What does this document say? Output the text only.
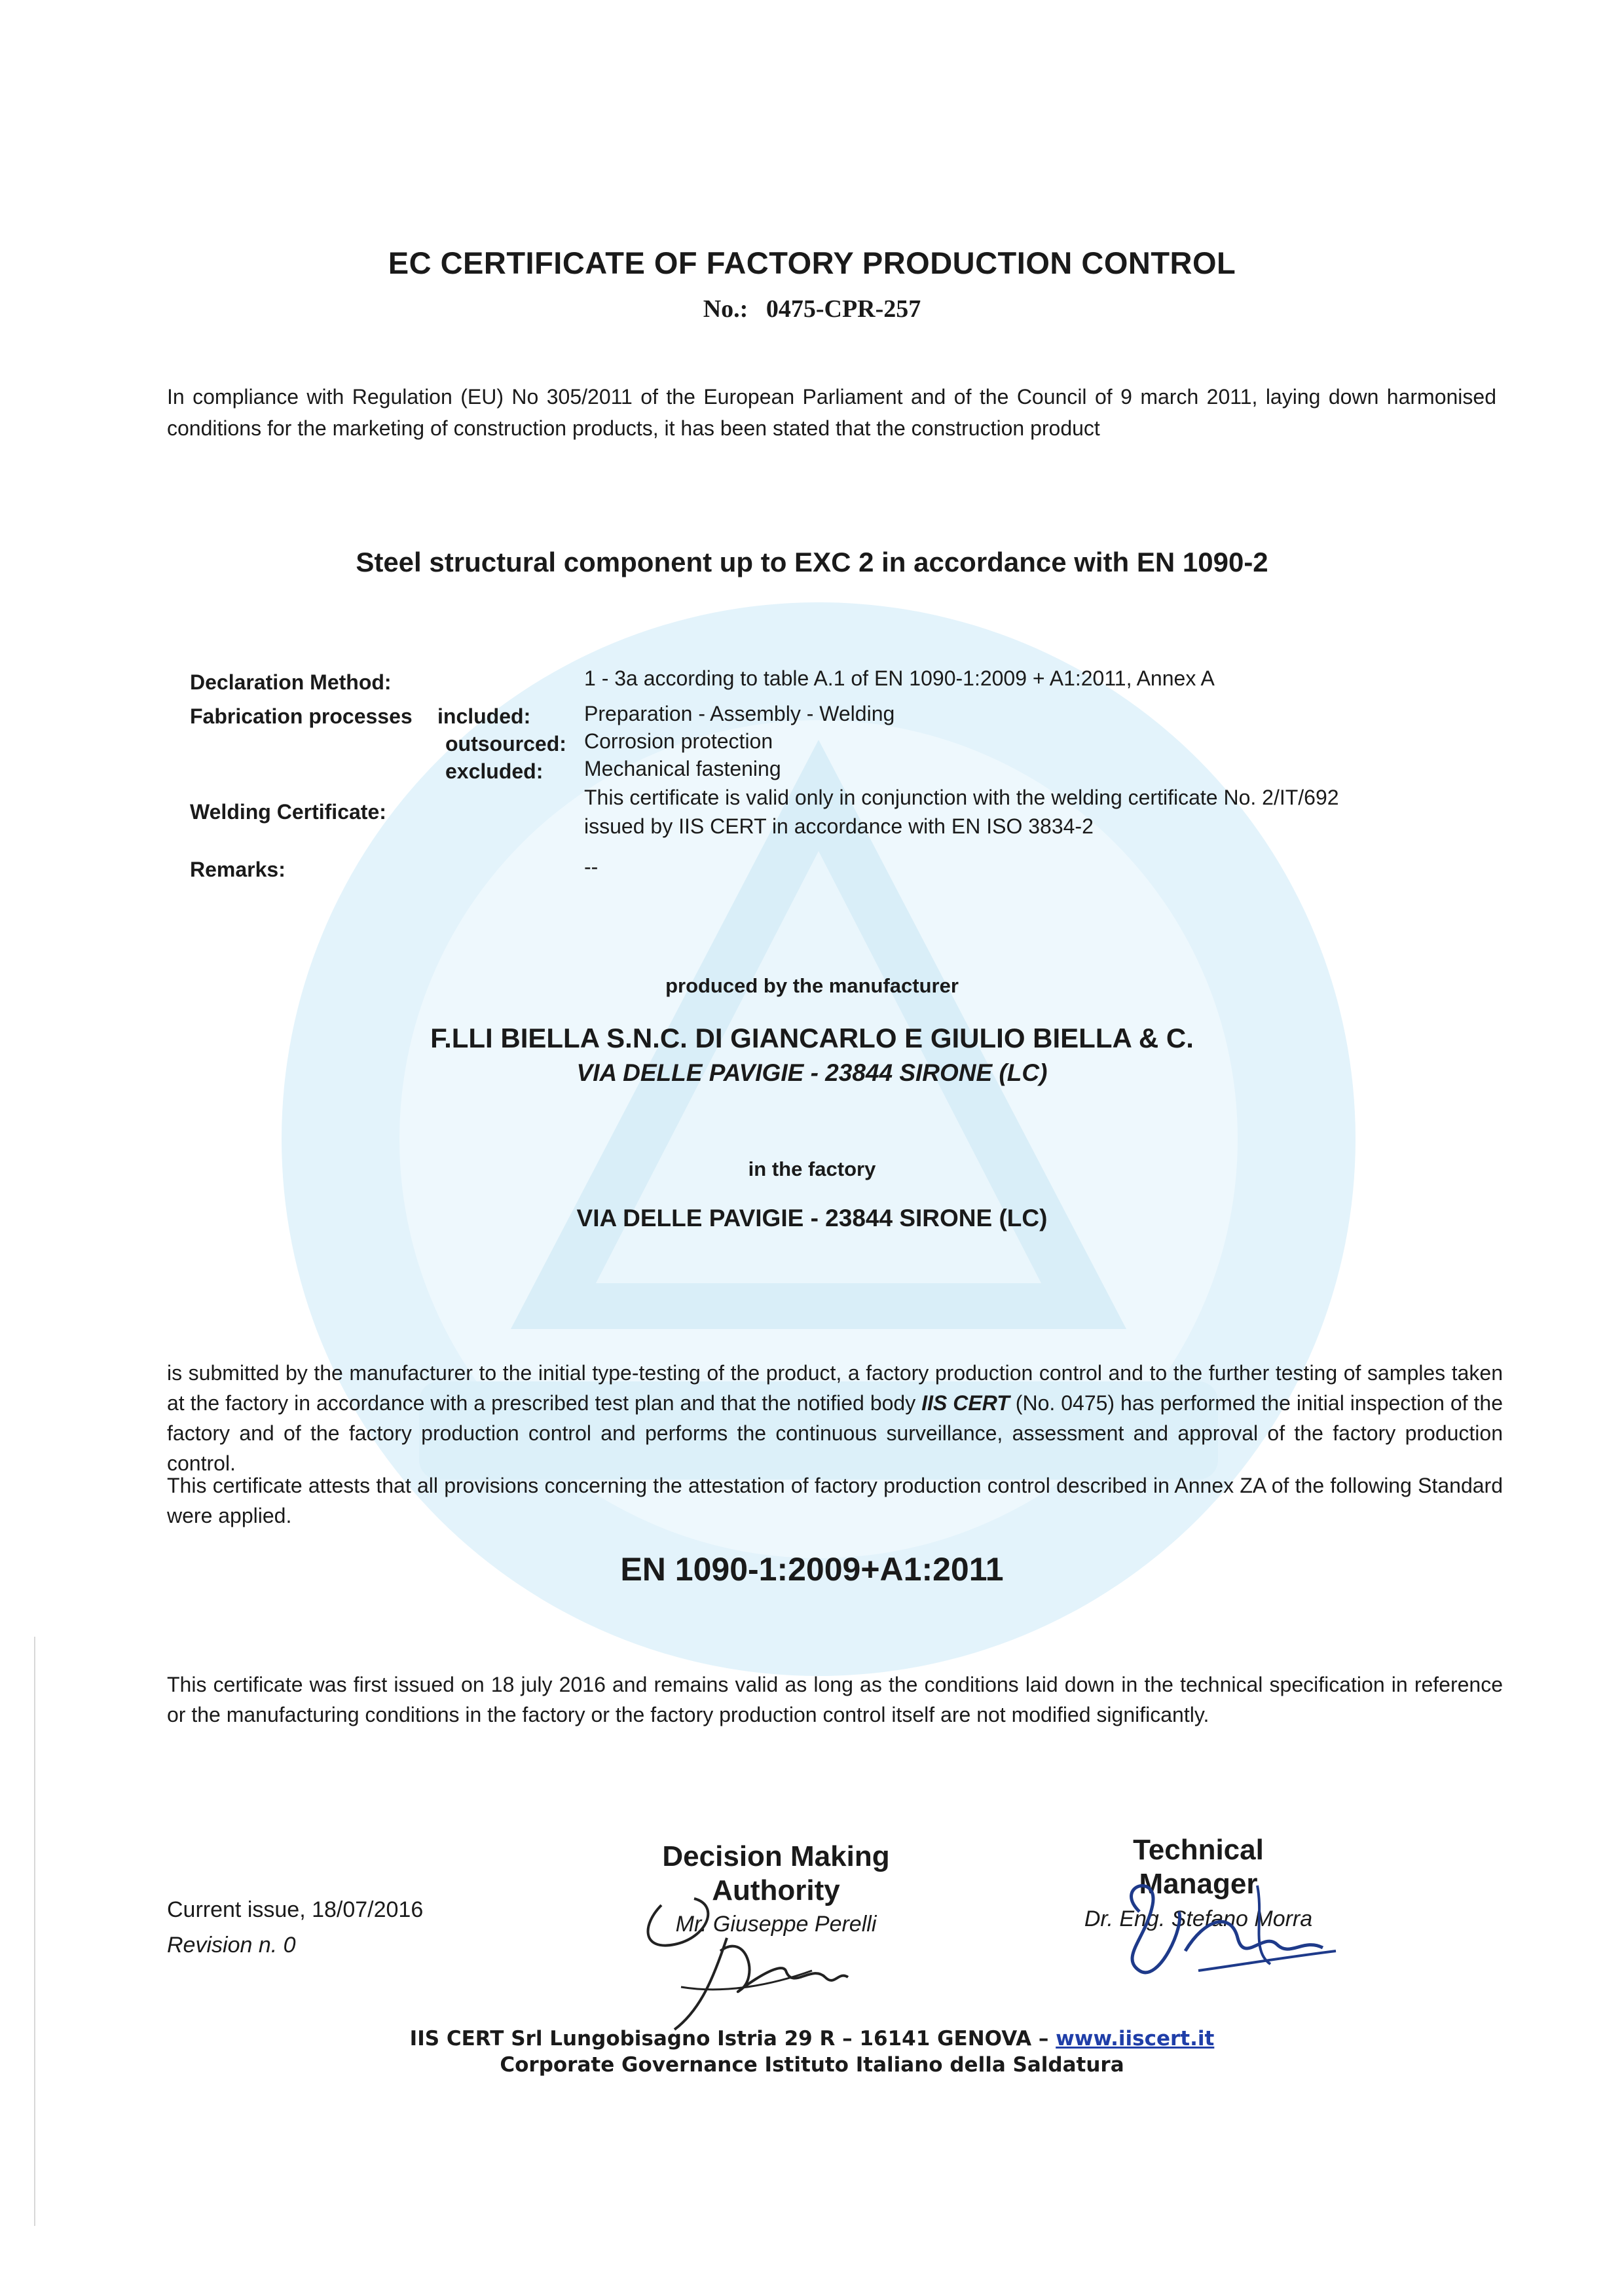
EC CERTIFICATE OF FACTORY PRODUCTION CONTROL
No.: 0475-CPR-257
In compliance with Regulation (EU) No 305/2011 of the European Parliament and of the Council of 9 march 2011, laying down harmonised conditions for the marketing of construction products, it has been stated that the construction product
Steel structural component up to EXC 2 in accordance with EN 1090-2
Declaration Method:	1 - 3a according to table A.1 of EN 1090-1:2009 + A1:2011, Annex A
Fabrication processes included:	Preparation - Assembly - Welding
outsourced: Corrosion protection
excluded: Mechanical fastening
Welding Certificate:
This certificate is valid only in conjunction with the welding certificate No. 2/IT/692
issued by IIS CERT in accordance with EN ISO 3834-2
Remarks:	--
produced by the manufacturer
F.LLI BIELLA S.N.C. DI GIANCARLO E GIULIO BIELLA & C.
VIA DELLE PAVIGIE - 23844 SIRONE (LC)
in the factory
VIA DELLE PAVIGIE - 23844 SIRONE (LC)
is submitted by the manufacturer to the initial type-testing of the product, a factory production control and to the further testing of samples taken at the factory in accordance with a prescribed test plan and that the notified body IIS CERT (No. 0475) has performed the initial inspection of the factory and of the factory production control and performs the continuous surveillance, assessment and approval of the factory production control.
This certificate attests that all provisions concerning the attestation of factory production control described in Annex ZA of the following Standard were applied.
EN 1090-1:2009+A1:2011
This certificate was first issued on 18 july 2016 and remains valid as long as the conditions laid down in the technical specification in reference or the manufacturing conditions in the factory or the factory production control itself are not modified significantly.
Current issue, 18/07/2016
Revision n. 0
Decision Making
Authority
Mr. Giuseppe Perelli
Technical
Manager
Dr. Eng. Stefano Morra
IIS CERT Srl Lungobisagno Istria 29 R – 16141 GENOVA – www.iiscert.it
Corporate Governance Istituto Italiano della Saldatura
